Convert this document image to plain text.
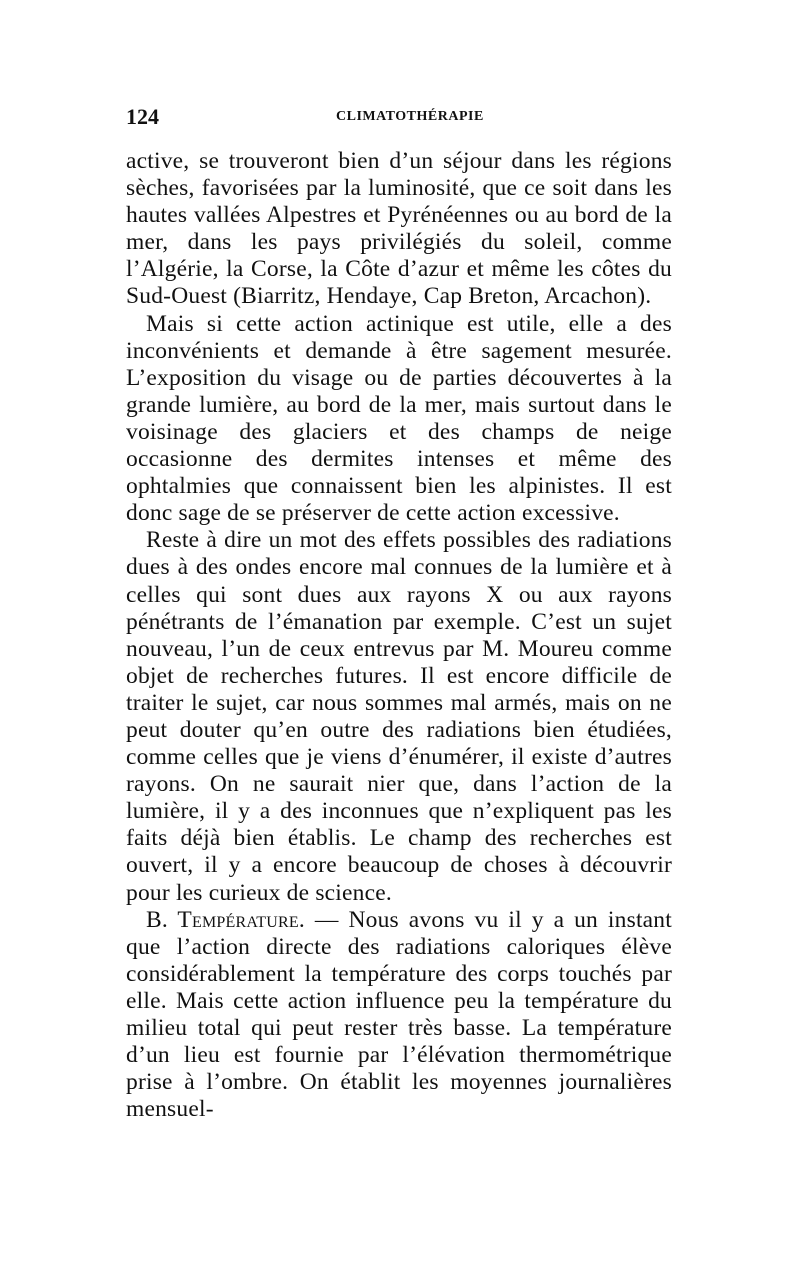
124	CLIMATOTHÉRAPIE

active, se trouveront bien d’un séjour dans les régions sèches, favorisées par la luminosité, que ce soit dans les hautes vallées Alpestres et Pyrénéennes ou au bord de la mer, dans les pays privilégiés du soleil, comme l’Algérie, la Corse, la Côte d’azur et même les côtes du Sud-Ouest (Biarritz, Hendaye, Cap Breton, Arcachon).

Mais si cette action actinique est utile, elle a des inconvénients et demande à être sagement mesurée. L’exposition du visage ou de parties découvertes à la grande lumière, au bord de la mer, mais surtout dans le voisinage des glaciers et des champs de neige occasionne des dermites intenses et même des ophtalmies que connaissent bien les alpinistes. Il est donc sage de se préserver de cette action excessive.

Reste à dire un mot des effets possibles des radiations dues à des ondes encore mal connues de la lumière et à celles qui sont dues aux rayons X ou aux rayons pénétrants de l’émanation par exemple. C’est un sujet nouveau, l’un de ceux entrevus par M. Moureu comme objet de recherches futures. Il est encore difficile de traiter le sujet, car nous sommes mal armés, mais on ne peut douter qu’en outre des radiations bien étudiées, comme celles que je viens d’énumérer, il existe d’autres rayons. On ne saurait nier que, dans l’action de la lumière, il y a des inconnues que n’expliquent pas les faits déjà bien établis. Le champ des recherches est ouvert, il y a encore beaucoup de choses à découvrir pour les curieux de science.

B. Température. — Nous avons vu il y a un instant que l’action directe des radiations caloriques élève considérablement la température des corps touchés par elle. Mais cette action influence peu la température du milieu total qui peut rester très basse. La température d’un lieu est fournie par l’élévation thermométrique prise à l’ombre. On établit les moyennes journalières mensuel-
